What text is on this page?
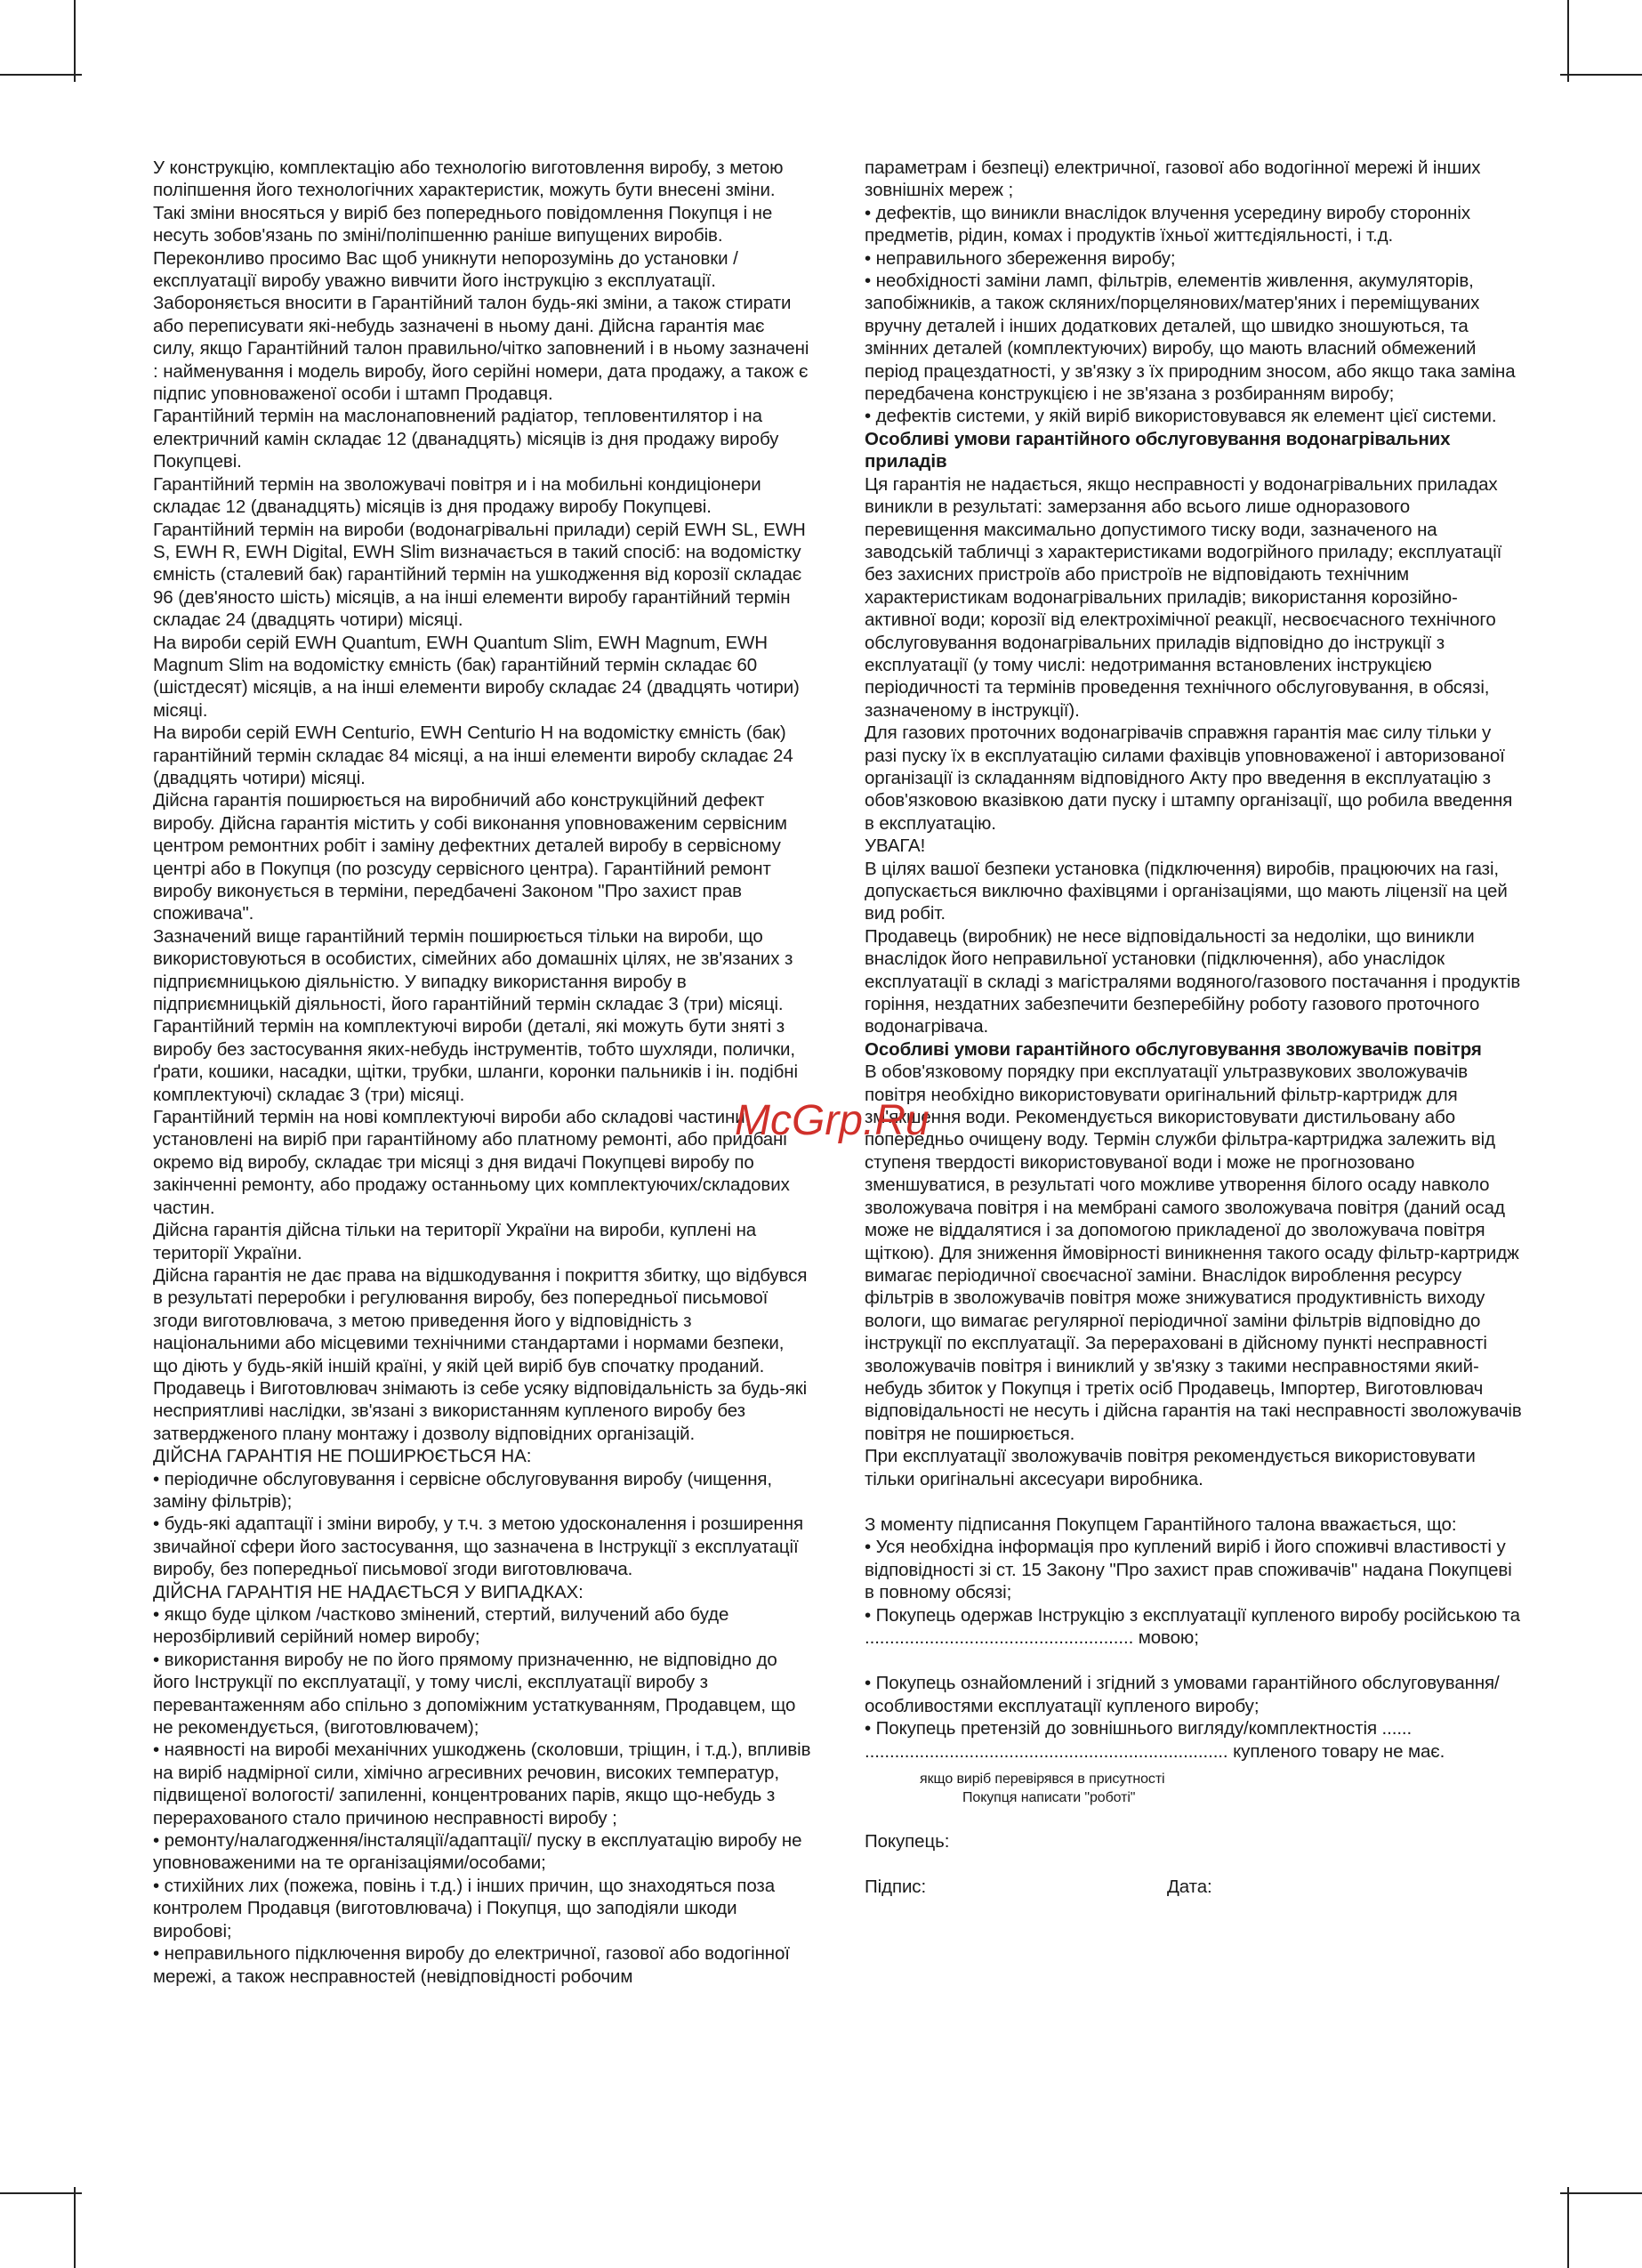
У конструкцію, комплектацію або технологію виготовлення виробу, з метою поліпшення його технологічних характеристик, можуть бути внесені зміни. Такі зміни вносяться у виріб без попереднього повідомлення Покупця і не несуть зобов'язань по зміні/поліпшенню раніше випущених виробів.

Переконливо просимо Вас щоб уникнути непорозумінь до установки / експлуатації виробу уважно вивчити його інструкцію з експлуатації. Забороняється вносити в Гарантійний талон будь-які зміни, а також стирати або переписувати які-небудь зазначені в ньому дані. Дійсна гарантія має силу, якщо Гарантійний талон правильно/чітко заповнений і в ньому зазначені : найменування і модель виробу, його серійні номери, дата продажу, а також є підпис уповноваженої особи і штамп Продавця.

Гарантійний термін на маслонаповнений радіатор, тепловентилятор і на електричний камін складає 12 (дванадцять) місяців із дня продажу виробу Покупцеві.

Гарантійний термін на зволожувачі повітря и і на мобильні кондиціонери складає 12 (дванадцять) місяців із дня продажу виробу Покупцеві.

Гарантійний термін на вироби (водонагрівальні прилади) серій EWH SL, EWH S, EWH R, EWH Digital, EWH Slim визначається в такий спосіб: на водомістку ємність (сталевий бак) гарантійний термін на ушкодження від корозії складає 96 (дев'яносто шість) місяців, а на інші елементи виробу гарантійний термін складає 24 (двадцять чотири) місяці.

На вироби серій EWH Quantum, EWH Quantum Slim, EWH Magnum, EWH Magnum Slim на водомістку ємність (бак) гарантійний термін складає 60 (шістдесят) місяців, а на інші елементи виробу складає 24 (двадцять чотири) місяці.

На вироби серій EWH Centurio, EWH Centurio H на водомістку ємність (бак) гарантійний термін складає 84 місяці, а на інші елементи виробу складає 24 (двадцять чотири) місяці.

Дійсна гарантія поширюється на виробничий або конструкційний дефект виробу. Дійсна гарантія містить у собі виконання уповноваженим сервісним центром ремонтних робіт і заміну дефектних деталей виробу в сервісному центрі або в Покупця (по розсуду сервісного центра). Гарантійний ремонт виробу виконується в терміни, передбачені Законом "Про захист прав споживача".

Зазначений вище гарантійний термін поширюється тільки на вироби, що використовуються в особистих, сімейних або домашніх цілях, не зв'язаних з підприємницькою діяльністю. У випадку використання виробу в підприємницькій діяльності, його гарантійний термін складає 3 (три) місяці. Гарантійний термін на комплектуючі вироби (деталі, які можуть бути зняті з виробу без застосування яких-небудь інструментів, тобто шухляди, полички, ґрати, кошики, насадки, щітки, трубки, шланги, коронки пальників і ін. подібні комплектуючі) складає 3 (три) місяці.

Гарантійний термін на нові комплектуючі вироби або складові частини, установлені на виріб при гарантійному або платному ремонті, або придбані окремо від виробу, складає три місяці з дня видачі Покупцеві виробу по закінченні ремонту, або продажу останньому цих комплектуючих/складових частин.

Дійсна гарантія дійсна тільки на території України на вироби, куплені на території України.

Дійсна гарантія не дає права на відшкодування і покриття збитку, що відбувся в результаті переробки і регулювання виробу, без попередньої письмової згоди виготовлювача, з метою приведення його у відповідність з національними або місцевими технічними стандартами і нормами безпеки, що діють у будь-якій іншій країні, у якій цей виріб був спочатку проданий.

Продавець і Виготовлювач знімають із себе усяку відповідальність за будь-які несприятливі наслідки, зв'язані з використанням купленого виробу без затвердженого плану монтажу і дозволу відповідних організацій.

ДІЙСНА ГАРАНТІЯ НЕ ПОШИРЮЄТЬСЯ НА:

• періодичне обслуговування і сервісне обслуговування виробу (чищення, заміну фільтрів);

• будь-які адаптації і зміни виробу, у т.ч. з метою удосконалення і розширення звичайної сфери його застосування, що зазначена в Інструкції з експлуатації виробу, без попередньої письмової згоди виготовлювача.

ДІЙСНА ГАРАНТІЯ НЕ НАДАЄТЬСЯ У ВИПАДКАХ:

• якщо буде цілком /частково змінений, стертий, вилучений або буде нерозбірливий серійний номер виробу;

• використання виробу не по його прямому призначенню, не відповідно до його Інструкції по експлуатації, у тому числі, експлуатації виробу з перевантаженням або спільно з допоміжним устаткуванням, Продавцем, що не рекомендується, (виготовлювачем);

• наявності на виробі механічних ушкоджень (сколовши, тріщин, і т.д.), впливів на виріб надмірної сили, хімічно агресивних речовин, високих температур, підвищеної вологості/ запиленні, концентрованих парів, якщо що-небудь з перерахованого стало причиною несправності виробу ;

• ремонту/налагодження/інсталяції/адаптації/ пуску в експлуатацію виробу не уповноваженими на те організаціями/особами;

• стихійних лих (пожежа, повінь і т.д.) і інших причин, що знаходяться поза контролем Продавця (виготовлювача) і Покупця, що заподіяли шкоди виробові;

• неправильного підключення виробу до електричної, газової або водогінної мережі, а також несправностей (невідповідності робочим

параметрам і безпеці) електричної, газової або водогінної мережі й інших зовнішніх мереж ;

• дефектів, що виникли внаслідок влучення усередину виробу сторонніх предметів, рідин, комах і продуктів їхньої життєдіяльності, і т.д.

• неправильного збереження виробу;

• необхідності заміни ламп, фільтрів, елементів живлення, акумуляторів, запобіжників, а також скляних/порцелянових/матер'яних і переміщуваних вручну деталей і інших додаткових деталей, що швидко зношуються, та змінних деталей (комплектуючих) виробу, що мають власний обмежений період працездатності, у зв'язку з їх природним зносом, або якщо така заміна передбачена конструкцією і не зв'язана з розбиранням виробу;

• дефектів системи, у якій виріб використовувався як елемент цієї системи.

Особливі умови гарантійного обслуговування водонагрівальних приладів

Ця гарантія не надається, якщо несправності у водонагрівальних приладах виникли в результаті: замерзання або всього лише одноразового перевищення максимально допустимого тиску води, зазначеного на заводській табличці з характеристиками водогрійного приладу; експлуатації без захисних пристроїв або пристроїв не відповідають технічним характеристикам водонагрівальних приладів; використання корозійно-активної води; корозії від електрохімічної реакції, несвоєчасного технічного обслуговування водонагрівальних приладів відповідно до інструкції з експлуатації (у тому числі: недотримання встановлених інструкцією періодичності та термінів проведення технічного обслуговування, в обсязі, зазначеному в інструкції).

Для газових проточних водонагрівачів справжня гарантія має силу тільки у разі пуску їх в експлуатацію силами фахівців уповноваженої і авторизованої організації із складанням відповідного Акту про введення в експлуатацію з обов'язковою вказівкою дати пуску і штампу організації, що робила введення в експлуатацію.

УВАГА!

В цілях вашої безпеки установка (підключення) виробів, працюючих на газі, допускається виключно фахівцями і організаціями, що мають ліцензії на цей вид робіт.

Продавець (виробник) не несе відповідальності за недоліки, що виникли внаслідок його неправильної установки (підключення), або унаслідок експлуатації в складі з магістралями водяного/газового постачання і продуктів горіння, нездатних забезпечити безперебійну роботу газового проточного водонагрівача.

Особливі умови гарантійного обслуговування зволожувачів повітря

В обов'язковому порядку при експлуатації ультразвукових зволожувачів повітря необхідно використовувати оригінальний фільтр-картридж для зм'якшення води. Рекомендується використовувати дистильовану або попередньо очищену воду. Термін служби фільтра-картриджа залежить від ступеня твердості використовуваної води і може не прогнозовано зменшуватися, в результаті чого можливе утворення білого осаду навколо зволожувача повітря і на мембрані самого зволожувача повітря (даний осад може не віддалятися і за допомогою прикладеної до зволожувача повітря щіткою). Для зниження ймовірності виникнення такого осаду фільтр-картридж вимагає періодичної своєчасної заміни. Внаслідок вироблення ресурсу фільтрів в зволожувачів повітря може знижуватися продуктивність виходу вологи, що вимагає регулярної періодичної заміни фільтрів відповідно до інструкції по експлуатації. За перераховані в дійсному пункті несправності зволожувачів повітря і виниклий у зв'язку з такими несправностями який-небудь збиток у Покупця і третіх осіб Продавець, Імпортер, Виготовлювач відповідальності не несуть і дійсна гарантія на такі несправності зволожувачів повітря не поширюється.

При експлуатації зволожувачів повітря рекомендується використовувати тільки оригінальні аксесуари виробника.

З моменту підписання Покупцем Гарантійного талона вважається, що:

• Уся необхідна інформація про куплений виріб і його споживчі властивості у відповідності зі ст. 15 Закону "Про захист прав споживачів" надана Покупцеві в повному обсязі;

• Покупець одержав Інструкцію з експлуатації купленого виробу російською та ...................................................... мовою;

• Покупець ознайомлений і згідний з умовами гарантійного обслуговування/особливостями експлуатації купленого виробу;

• Покупець претензій до зовнішнього вигляду/комплектностія ...... ......................................................................... купленого товару не має.

якщо виріб перевірявся в присутності
Покупця написати "роботі"

Покупець:

Підпис:	Дата:
McGrp.Ru
